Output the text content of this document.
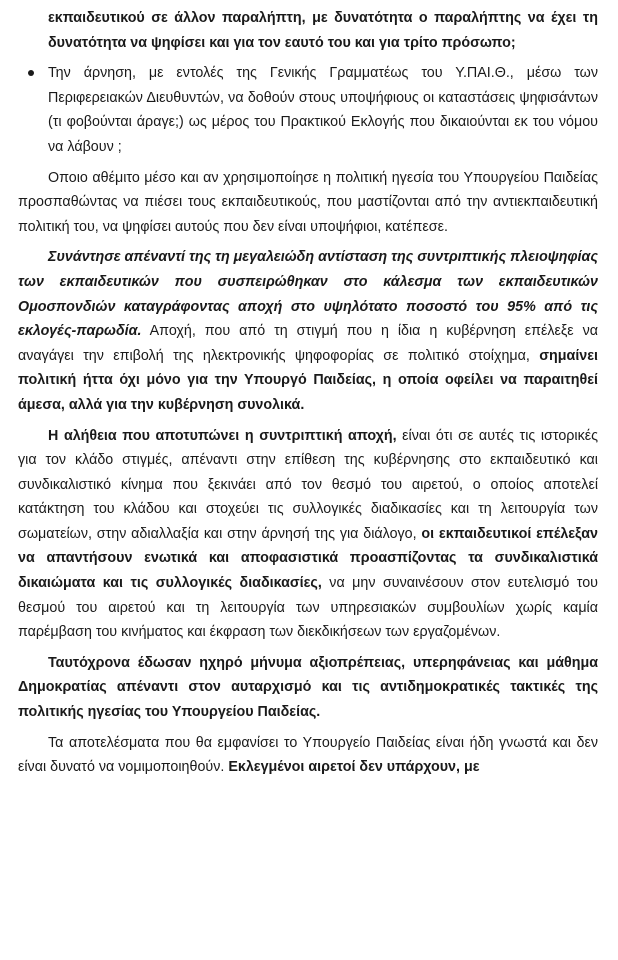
εκπαιδευτικού σε άλλον παραλήπτη, με δυνατότητα ο παραλήπτης να έχει τη δυνατότητα να ψηφίσει και για τον εαυτό του και για τρίτο πρόσωπο;

Την άρνηση, με εντολές της Γενικής Γραμματέως του Υ.ΠΑΙ.Θ., μέσω των Περιφερειακών Διευθυντών, να δοθούν στους υποψήφιους οι καταστάσεις ψηφισάντων (τι φοβούνται άραγε;) ως μέρος του Πρακτικού Εκλογής που δικαιούνται εκ του νόμου να λάβουν ;

Οποιο αθέμιτο μέσο και αν χρησιμοποίησε η πολιτική ηγεσία του Υπουργείου Παιδείας προσπαθώντας να πιέσει τους εκπαιδευτικούς, που μαστίζονται από την αντιεκπαιδευτική πολιτική του, να ψηφίσει αυτούς που δεν είναι υποψήφιοι, κατέπεσε.

Συνάντησε απέναντί της τη μεγαλειώδη αντίσταση της συντριπτικής πλειοψηφίας των εκπαιδευτικών που συσπειρώθηκαν στο κάλεσμα των εκπαιδευτικών Ομοσπονδιών καταγράφοντας αποχή στο υψηλότατο ποσοστό του 95% από τις εκλογές-παρωδία. Αποχή, που από τη στιγμή που η ίδια η κυβέρνηση επέλεξε να αναγάγει την επιβολή της ηλεκτρονικής ψηφοφορίας σε πολιτικό στοίχημα, σημαίνει πολιτική ήττα όχι μόνο για την Υπουργό Παιδείας, η οποία οφείλει να παραιτηθεί άμεσα, αλλά για την κυβέρνηση συνολικά.

Η αλήθεια που αποτυπώνει η συντριπτική αποχή, είναι ότι σε αυτές τις ιστορικές για τον κλάδο στιγμές, απέναντι στην επίθεση της κυβέρνησης στο εκπαιδευτικό και συνδικαλιστικό κίνημα που ξεκινάει από τον θεσμό του αιρετού, ο οποίος αποτελεί κατάκτηση του κλάδου και στοχεύει τις συλλογικές διαδικασίες και τη λειτουργία των σωματείων, στην αδιαλλαξία και στην άρνησή της για διάλογο, οι εκπαιδευτικοί επέλεξαν να απαντήσουν ενωτικά και αποφασιστικά προασπίζοντας τα συνδικαλιστικά δικαιώματα και τις συλλογικές διαδικασίες, να μην συναινέσουν στον ευτελισμό του θεσμού του αιρετού και τη λειτουργία των υπηρεσιακών συμβουλίων χωρίς καμία παρέμβαση του κινήματος και έκφραση των διεκδικήσεων των εργαζομένων.

Ταυτόχρονα έδωσαν ηχηρό μήνυμα αξιοπρέπειας, υπερηφάνειας και μάθημα Δημοκρατίας απέναντι στον αυταρχισμό και τις αντιδημοκρατικές τακτικές της πολιτικής ηγεσίας του Υπουργείου Παιδείας.

Τα αποτελέσματα που θα εμφανίσει το Υπουργείο Παιδείας είναι ήδη γνωστά και δεν είναι δυνατό να νομιμοποιηθούν. Εκλεγμένοι αιρετοί δεν υπάρχουν, με
